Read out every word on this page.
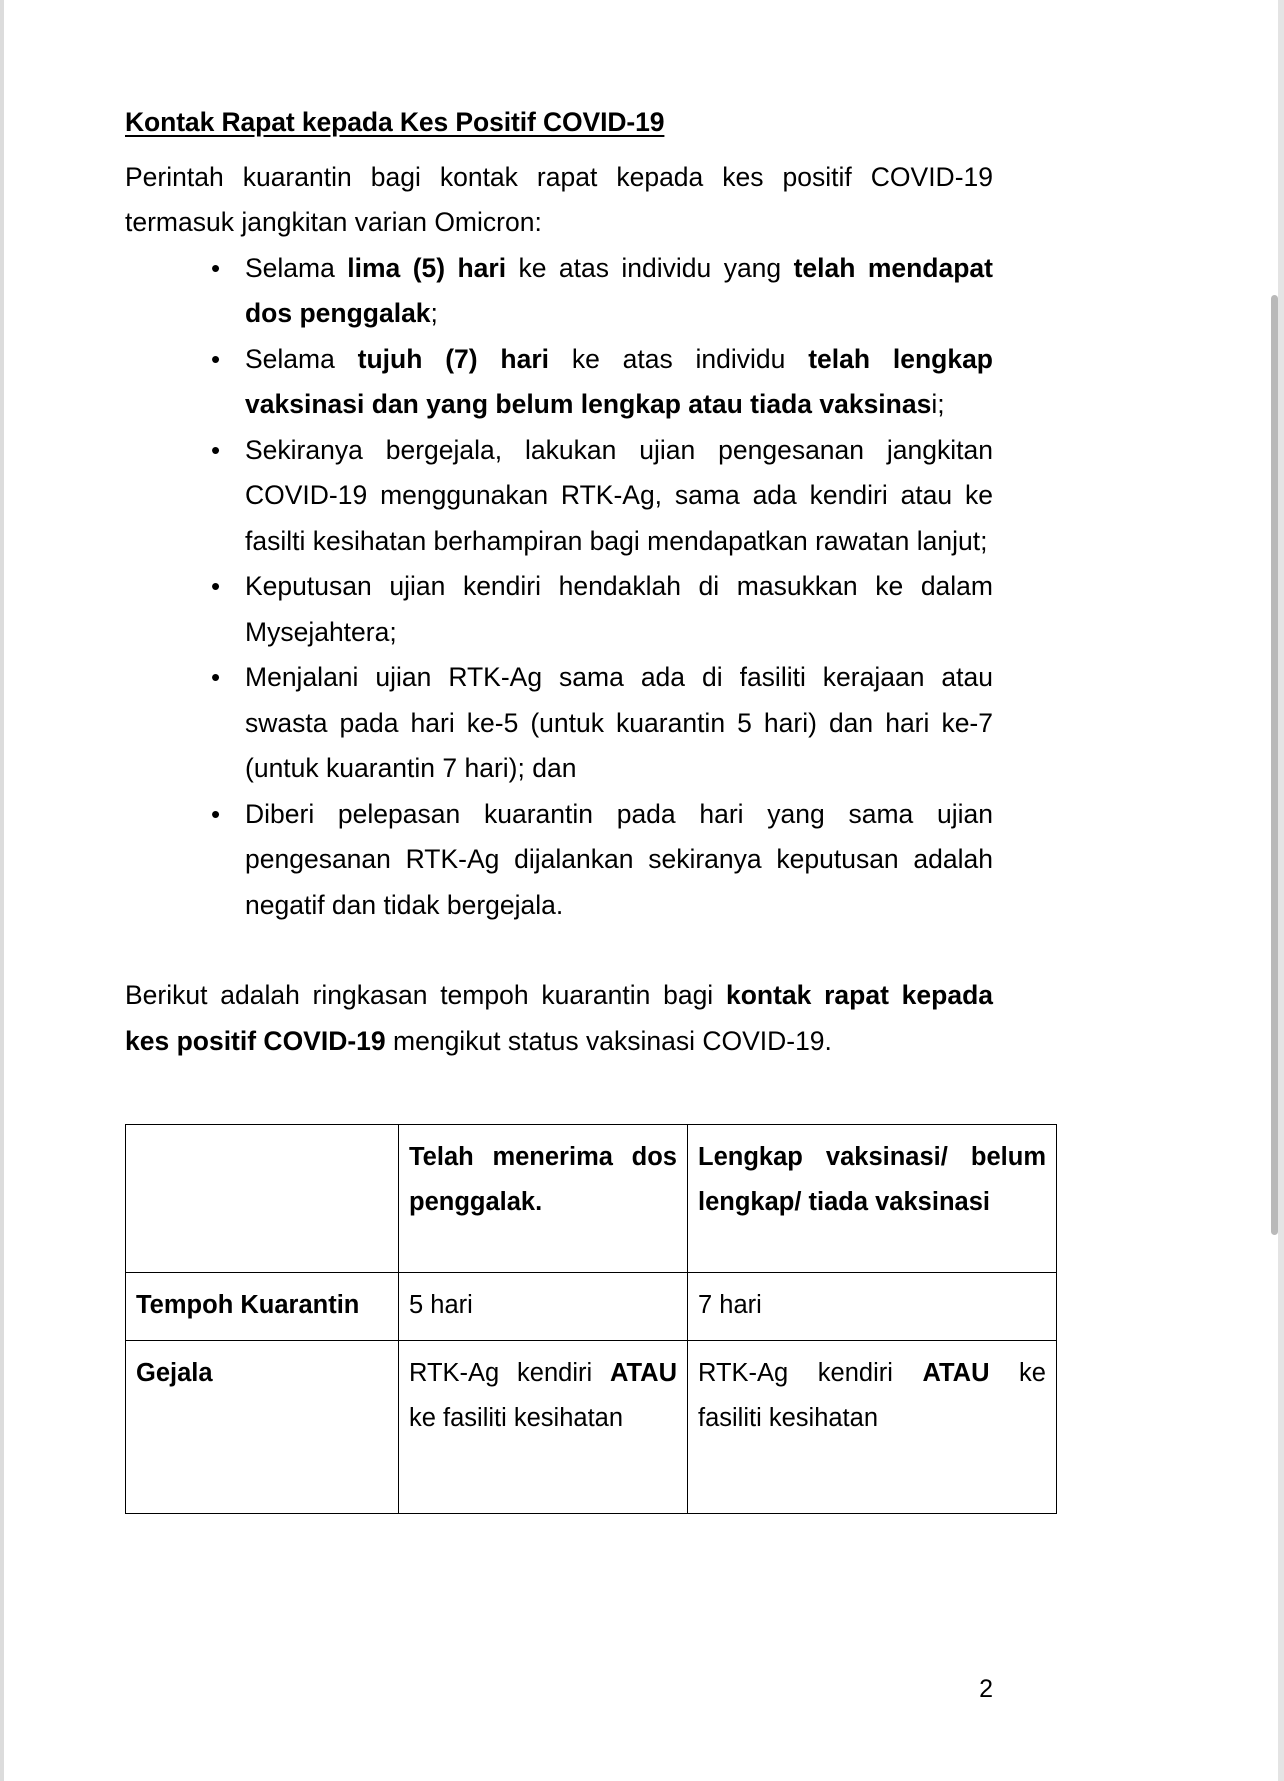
Kontak Rapat kepada Kes Positif COVID-19

Perintah kuarantin bagi kontak rapat kepada kes positif COVID-19 termasuk jangkitan varian Omicron:

• Selama lima (5) hari ke atas individu yang telah mendapat dos penggalak;
• Selama tujuh (7) hari ke atas individu telah lengkap vaksinasi dan yang belum lengkap atau tiada vaksinasi;
• Sekiranya bergejala, lakukan ujian pengesanan jangkitan COVID-19 menggunakan RTK-Ag, sama ada kendiri atau ke fasilti kesihatan berhampiran bagi mendapatkan rawatan lanjut;
• Keputusan ujian kendiri hendaklah di masukkan ke dalam Mysejahtera;
• Menjalani ujian RTK-Ag sama ada di fasiliti kerajaan atau swasta pada hari ke-5 (untuk kuarantin 5 hari) dan hari ke-7 (untuk kuarantin 7 hari); dan
• Diberi pelepasan kuarantin pada hari yang sama ujian pengesanan RTK-Ag dijalankan sekiranya keputusan adalah negatif dan tidak bergejala.

Berikut adalah ringkasan tempoh kuarantin bagi kontak rapat kepada kes positif COVID-19 mengikut status vaksinasi COVID-19.

	Telah menerima dos penggalak.	Lengkap vaksinasi/ belum lengkap/ tiada vaksinasi
Tempoh Kuarantin	5 hari	7 hari
Gejala	RTK-Ag kendiri ATAU ke fasiliti kesihatan	RTK-Ag kendiri ATAU ke fasiliti kesihatan
2
